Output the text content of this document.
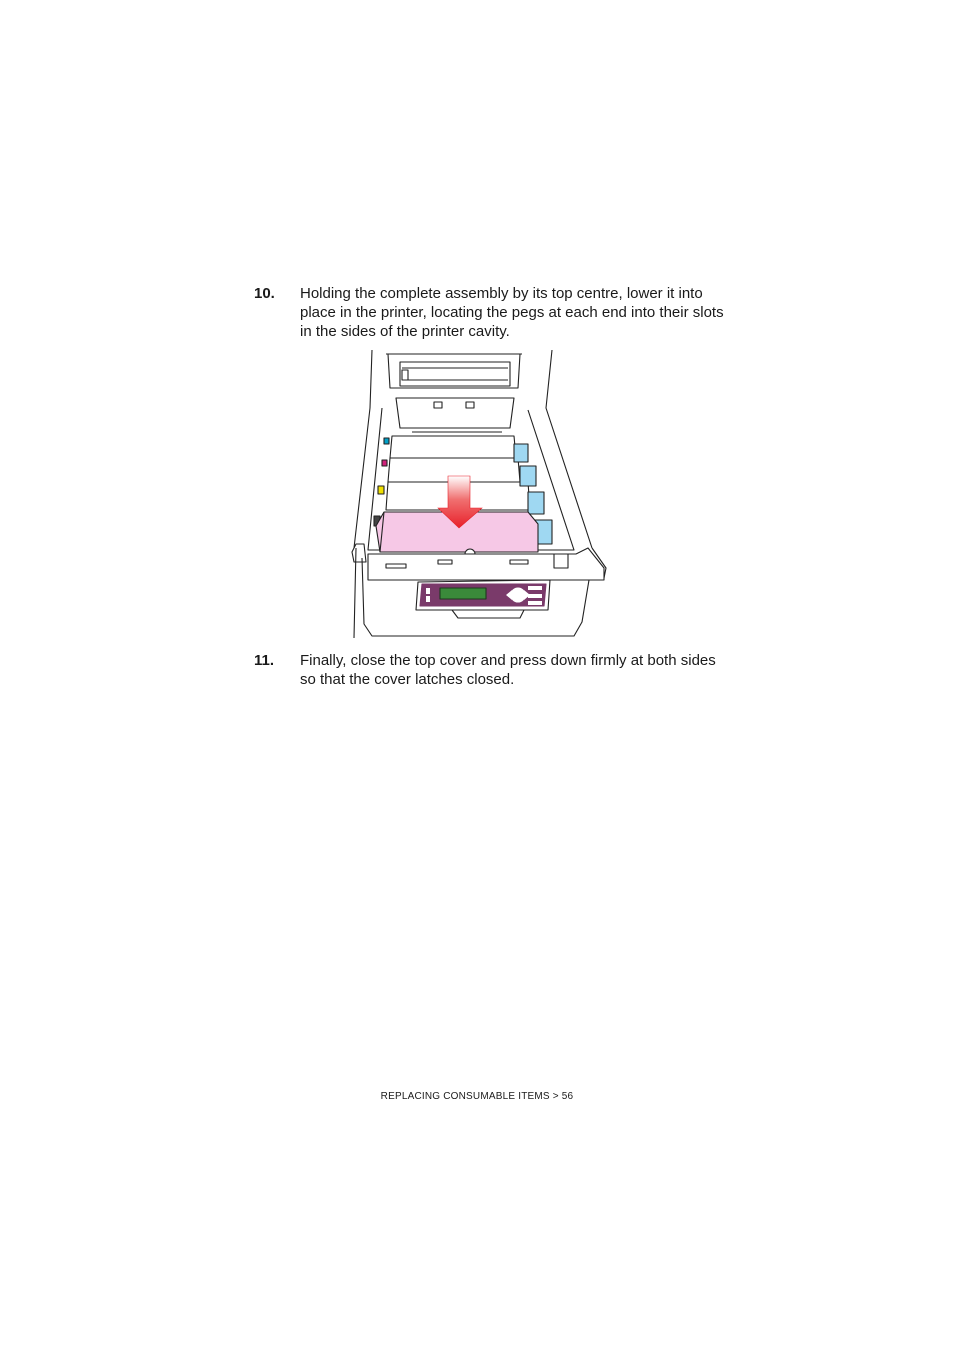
10. Holding the complete assembly by its top centre, lower it into place in the printer, locating the pegs at each end into their slots in the sides of the printer cavity.
11. Finally, close the top cover and press down firmly at both sides so that the cover latches closed.
REPLACING CONSUMABLE ITEMS > 56
